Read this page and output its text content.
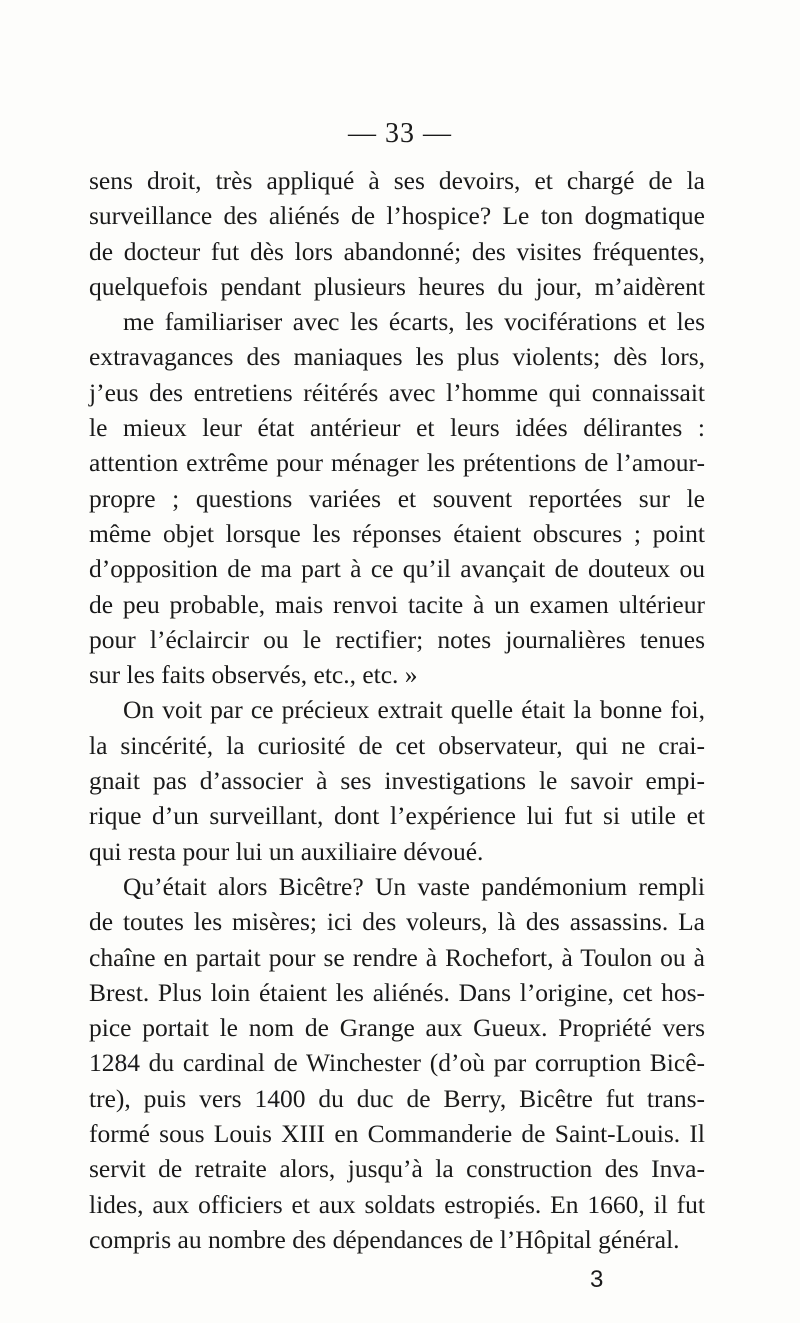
— 33 —
sens droit, très appliqué à ses devoirs, et chargé de la
surveillance des aliénés de l’hospice? Le ton dogmatique
de docteur fut dès lors abandonné; des visites fréquentes,
quelquefois pendant plusieurs heures du jour, m’aidèrent
me familiariser avec les écarts, les vociférations et les
extravagances des maniaques les plus violents; dès lors,
j’eus des entretiens réitérés avec l’homme qui connaissait
le mieux leur état antérieur et leurs idées délirantes :
attention extrême pour ménager les prétentions de l’amour-
propre ; questions variées et souvent reportées sur le
même objet lorsque les réponses étaient obscures ; point
d’opposition de ma part à ce qu’il avançait de douteux ou
de peu probable, mais renvoi tacite à un examen ultérieur
pour l’éclaircir ou le rectifier; notes journalières tenues
sur les faits observés, etc., etc. »
On voit par ce précieux extrait quelle était la bonne foi,
la sincérité, la curiosité de cet observateur, qui ne crai-
gnait pas d’associer à ses investigations le savoir empi-
rique d’un surveillant, dont l’expérience lui fut si utile et
qui resta pour lui un auxiliaire dévoué.
Qu’était alors Bicêtre? Un vaste pandémonium rempli
de toutes les misères; ici des voleurs, là des assassins. La
chaîne en partait pour se rendre à Rochefort, à Toulon ou à
Brest. Plus loin étaient les aliénés. Dans l’origine, cet hos-
pice portait le nom de Grange aux Gueux. Propriété vers
1284 du cardinal de Winchester (d’où par corruption Bicê-
tre), puis vers 1400 du duc de Berry, Bicêtre fut trans-
formé sous Louis XIII en Commanderie de Saint-Louis. Il
servit de retraite alors, jusqu’à la construction des Inva-
lides, aux officiers et aux soldats estropiés. En 1660, il fut
compris au nombre des dépendances de l’Hôpital général.
3
